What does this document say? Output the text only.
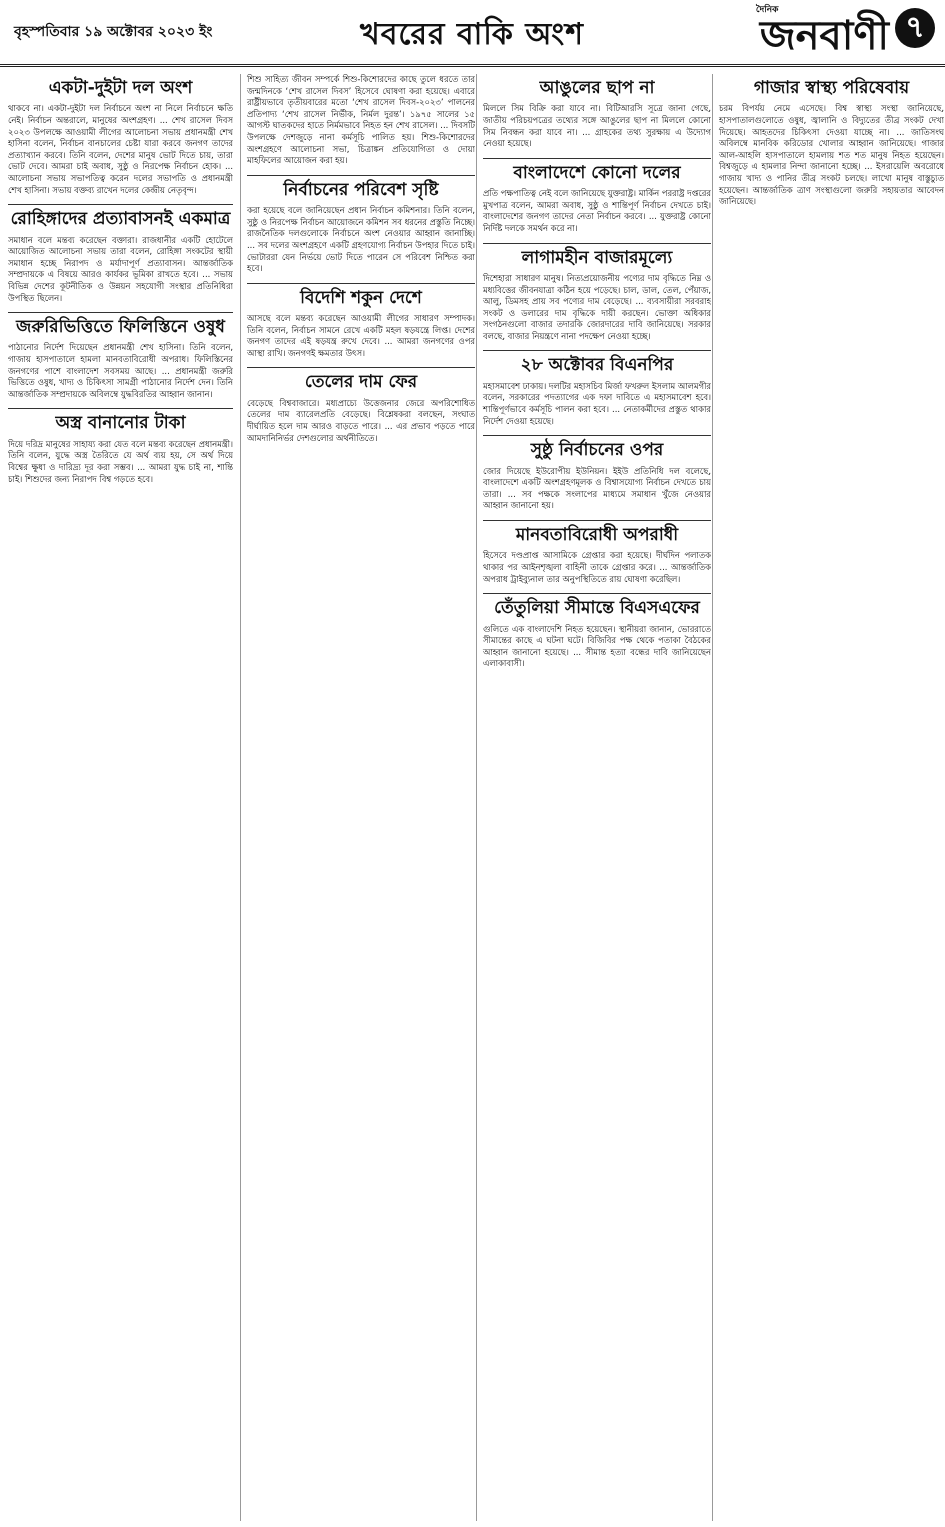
বৃহস্পতিবার ১৯ অক্টোবর ২০২৩ ইং	খবরের বাকি অংশ
দৈনিক
জনবাণী ৭
একটা-দুইটা দল অংশ

থাকবে না। একটা-দুইটা দল নির্বাচনে অংশ না নিলে নির্বাচনে ক্ষতি নেই। নির্বাচন অন্তরালে, মানুষের অংশগ্রহণ। ... শেখ রাসেল দিবস ২০২৩ উপলক্ষে আওয়ামী লীগের আলোচনা সভায় প্রধানমন্ত্রী শেখ হাসিনা বলেন, নির্বাচন বানচালের চেষ্টা যারা করবে জনগণ তাদের প্রত্যাখ্যান করবে। তিনি বলেন, দেশের মানুষ ভোট দিতে চায়, তারা ভোট দেবে। আমরা চাই অবাধ, সুষ্ঠু ও নিরপেক্ষ নির্বাচন হোক। ... আলোচনা সভায় সভাপতিত্ব করেন দলের সভাপতি ও প্রধানমন্ত্রী শেখ হাসিনা। সভায় বক্তব্য রাখেন দলের কেন্দ্রীয় নেতৃবৃন্দ।

রোহিঙ্গাদের প্রত্যাবাসনই একমাত্র

সমাধান বলে মন্তব্য করেছেন বক্তারা। রাজধানীর একটি হোটেলে আয়োজিত আলোচনা সভায় তারা বলেন, রোহিঙ্গা সংকটের স্থায়ী সমাধান হচ্ছে নিরাপদ ও মর্যাদাপূর্ণ প্রত্যাবাসন। আন্তর্জাতিক সম্প্রদায়কে এ বিষয়ে আরও কার্যকর ভূমিকা রাখতে হবে। ... সভায় বিভিন্ন দেশের কূটনীতিক ও উন্নয়ন সহযোগী সংস্থার প্রতিনিধিরা উপস্থিত ছিলেন।

জরুরিভিত্তিতে ফিলিস্তিনে ওষুধ

পাঠানোর নির্দেশ দিয়েছেন প্রধানমন্ত্রী শেখ হাসিনা। তিনি বলেন, গাজায় হাসপাতালে হামলা মানবতাবিরোধী অপরাধ। ফিলিস্তিনের জনগণের পাশে বাংলাদেশ সবসময় আছে। ... প্রধানমন্ত্রী জরুরি ভিত্তিতে ওষুধ, খাদ্য ও চিকিৎসা সামগ্রী পাঠানোর নির্দেশ দেন। তিনি আন্তর্জাতিক সম্প্রদায়কে অবিলম্বে যুদ্ধবিরতির আহ্বান জানান।

অস্ত্র বানানোর টাকা

দিয়ে দরিদ্র মানুষের সাহায্য করা যেত বলে মন্তব্য করেছেন প্রধানমন্ত্রী। তিনি বলেন, যুদ্ধে অস্ত্র তৈরিতে যে অর্থ ব্যয় হয়, সে অর্থ দিয়ে বিশ্বের ক্ষুধা ও দারিদ্র্য দূর করা সম্ভব। ... আমরা যুদ্ধ চাই না, শান্তি চাই। শিশুদের জন্য নিরাপদ বিশ্ব গড়তে হবে।

শিশু সাহিত্য জীবন সম্পর্কে শিশু-কিশোরদের কাছে তুলে ধরতে তার জন্মদিনকে ‘শেখ রাসেল দিবস’ হিসেবে ঘোষণা করা হয়েছে। এবারে রাষ্ট্রীয়ভাবে তৃতীয়বারের মতো ‘শেখ রাসেল দিবস-২০২৩’ পালনের প্রতিপাদ্য ‘শেখ রাসেল নির্ভীক, নির্মল দুরন্ত’। ১৯৭৫ সালের ১৫ আগস্ট ঘাতকদের হাতে নির্মমভাবে নিহত হন শেখ রাসেল। ... দিবসটি উপলক্ষে দেশজুড়ে নানা কর্মসূচি পালিত হয়। শিশু-কিশোরদের অংশগ্রহণে আলোচনা সভা, চিত্রাঙ্কন প্রতিযোগিতা ও দোয়া মাহফিলের আয়োজন করা হয়।

নির্বাচনের পরিবেশ সৃষ্টি

করা হয়েছে বলে জানিয়েছেন প্রধান নির্বাচন কমিশনার। তিনি বলেন, সুষ্ঠু ও নিরপেক্ষ নির্বাচন আয়োজনে কমিশন সব ধরনের প্রস্তুতি নিচ্ছে। রাজনৈতিক দলগুলোকে নির্বাচনে অংশ নেওয়ার আহ্বান জানাচ্ছি। ... সব দলের অংশগ্রহণে একটি গ্রহণযোগ্য নির্বাচন উপহার দিতে চাই। ভোটাররা যেন নির্ভয়ে ভোট দিতে পারেন সে পরিবেশ নিশ্চিত করা হবে।

বিদেশি শকুন দেশে

আসছে বলে মন্তব্য করেছেন আওয়ামী লীগের সাধারণ সম্পাদক। তিনি বলেন, নির্বাচন সামনে রেখে একটি মহল ষড়যন্ত্রে লিপ্ত। দেশের জনগণ তাদের এই ষড়যন্ত্র রুখে দেবে। ... আমরা জনগণের ওপর আস্থা রাখি। জনগণই ক্ষমতার উৎস।

তেলের দাম ফের

বেড়েছে বিশ্ববাজারে। মধ্যপ্রাচ্যে উত্তেজনার জেরে অপরিশোধিত তেলের দাম ব্যারেলপ্রতি বেড়েছে। বিশ্লেষকরা বলছেন, সংঘাত দীর্ঘায়িত হলে দাম আরও বাড়তে পারে। ... এর প্রভাব পড়তে পারে আমদানিনির্ভর দেশগুলোর অর্থনীতিতে।

আঙুলের ছাপ না

মিললে সিম বিক্রি করা যাবে না। বিটিআরসি সূত্রে জানা গেছে, জাতীয় পরিচয়পত্রের তথ্যের সঙ্গে আঙুলের ছাপ না মিললে কোনো সিম নিবন্ধন করা যাবে না। ... গ্রাহকের তথ্য সুরক্ষায় এ উদ্যোগ নেওয়া হয়েছে।

বাংলাদেশে কোনো দলের

প্রতি পক্ষপাতিত্ব নেই বলে জানিয়েছে যুক্তরাষ্ট্র। মার্কিন পররাষ্ট্র দপ্তরের মুখপাত্র বলেন, আমরা অবাধ, সুষ্ঠু ও শান্তিপূর্ণ নির্বাচন দেখতে চাই। বাংলাদেশের জনগণ তাদের নেতা নির্বাচন করবে। ... যুক্তরাষ্ট্র কোনো নির্দিষ্ট দলকে সমর্থন করে না।

লাগামহীন বাজারমূল্যে

দিশেহারা সাধারণ মানুষ। নিত্যপ্রয়োজনীয় পণ্যের দাম বৃদ্ধিতে নিম্ন ও মধ্যবিত্তের জীবনযাত্রা কঠিন হয়ে পড়েছে। চাল, ডাল, তেল, পেঁয়াজ, আলু, ডিমসহ প্রায় সব পণ্যের দাম বেড়েছে। ... ব্যবসায়ীরা সরবরাহ সংকট ও ডলারের দাম বৃদ্ধিকে দায়ী করছেন। ভোক্তা অধিকার সংগঠনগুলো বাজার তদারকি জোরদারের দাবি জানিয়েছে। সরকার বলছে, বাজার নিয়ন্ত্রণে নানা পদক্ষেপ নেওয়া হচ্ছে।

২৮ অক্টোবর বিএনপির

মহাসমাবেশ ঢাকায়। দলটির মহাসচিব মির্জা ফখরুল ইসলাম আলমগীর বলেন, সরকারের পদত্যাগের এক দফা দাবিতে এ মহাসমাবেশ হবে। শান্তিপূর্ণভাবে কর্মসূচি পালন করা হবে। ... নেতাকর্মীদের প্রস্তুত থাকার নির্দেশ দেওয়া হয়েছে।

সুষ্ঠু নির্বাচনের ওপর

জোর দিয়েছে ইউরোপীয় ইউনিয়ন। ইইউ প্রতিনিধি দল বলেছে, বাংলাদেশে একটি অংশগ্রহণমূলক ও বিশ্বাসযোগ্য নির্বাচন দেখতে চায় তারা। ... সব পক্ষকে সংলাপের মাধ্যমে সমাধান খুঁজে নেওয়ার আহ্বান জানানো হয়।

মানবতাবিরোধী অপরাধী

হিসেবে দণ্ডপ্রাপ্ত আসামিকে গ্রেপ্তার করা হয়েছে। দীর্ঘদিন পলাতক থাকার পর আইনশৃঙ্খলা বাহিনী তাকে গ্রেপ্তার করে। ... আন্তর্জাতিক অপরাধ ট্রাইব্যুনাল তার অনুপস্থিতিতে রায় ঘোষণা করেছিল।

তেঁতুলিয়া সীমান্তে বিএসএফের

গুলিতে এক বাংলাদেশি নিহত হয়েছেন। স্থানীয়রা জানান, ভোররাতে সীমান্তের কাছে এ ঘটনা ঘটে। বিজিবির পক্ষ থেকে পতাকা বৈঠকের আহ্বান জানানো হয়েছে। ... সীমান্ত হত্যা বন্ধের দাবি জানিয়েছেন এলাকাবাসী।

গাজার স্বাস্থ্য পরিষেবায়

চরম বিপর্যয় নেমে এসেছে। বিশ্ব স্বাস্থ্য সংস্থা জানিয়েছে, হাসপাতালগুলোতে ওষুধ, জ্বালানি ও বিদ্যুতের তীব্র সংকট দেখা দিয়েছে। আহতদের চিকিৎসা দেওয়া যাচ্ছে না। ... জাতিসংঘ অবিলম্বে মানবিক করিডোর খোলার আহ্বান জানিয়েছে। গাজার আল-আহলি হাসপাতালে হামলায় শত শত মানুষ নিহত হয়েছেন। বিশ্বজুড়ে এ হামলার নিন্দা জানানো হচ্ছে। ... ইসরায়েলি অবরোধে গাজায় খাদ্য ও পানির তীব্র সংকট চলছে। লাখো মানুষ বাস্তুচ্যুত হয়েছেন। আন্তর্জাতিক ত্রাণ সংস্থাগুলো জরুরি সহায়তার আবেদন জানিয়েছে।
